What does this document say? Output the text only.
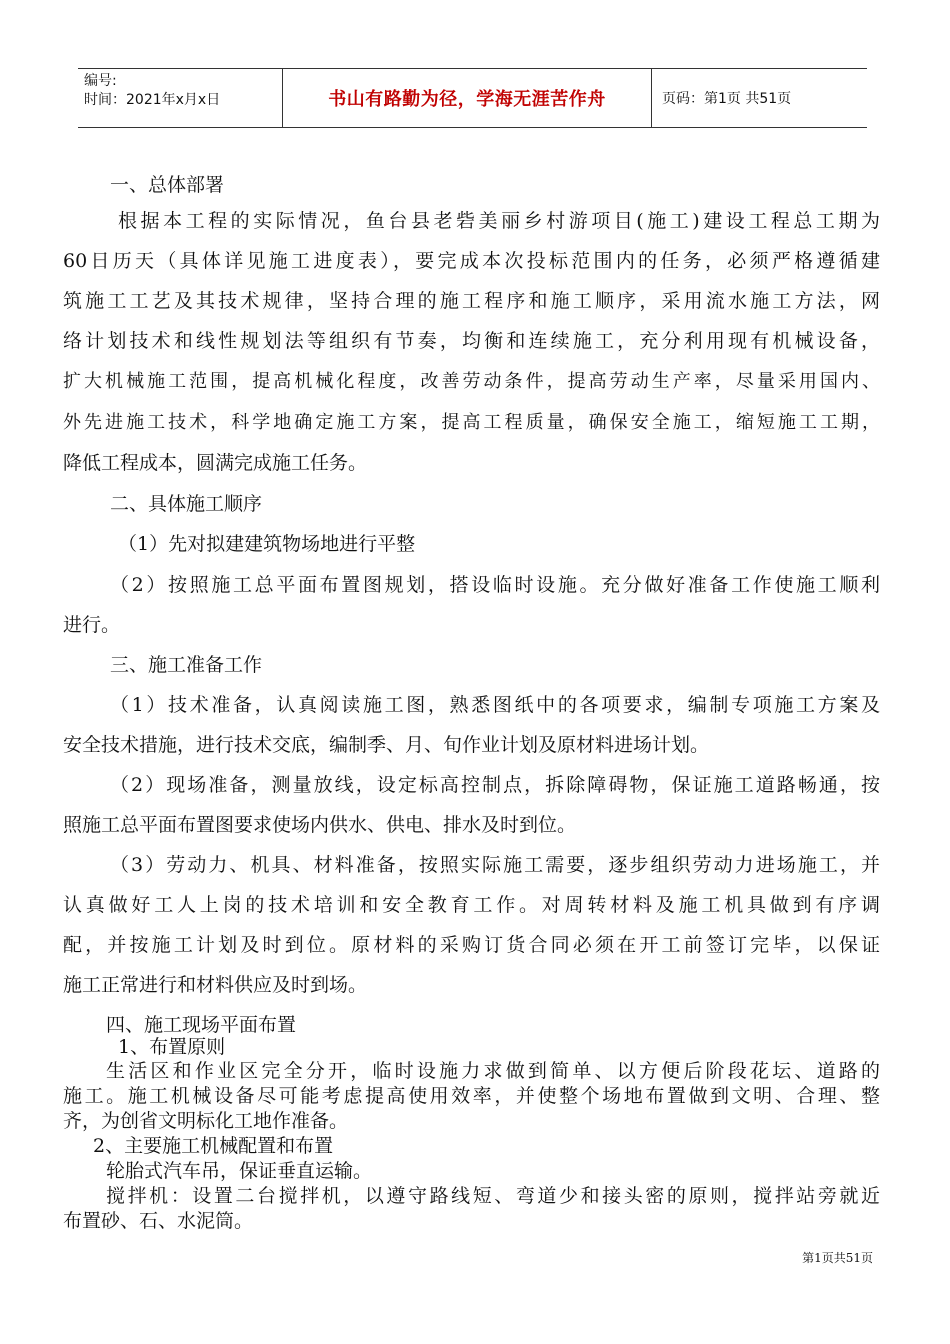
编号:
时间：2021年x月x日	书山有路勤为径，学海无涯苦作舟	页码：第1页 共51页
一、总体部署
根据本工程的实际情况，鱼台县老砦美丽乡村游项目(施工)建设工程总工期为
60日历天（具体详见施工进度表），要完成本次投标范围内的任务，必须严格遵循建
筑施工工艺及其技术规律，坚持合理的施工程序和施工顺序，采用流水施工方法，网
络计划技术和线性规划法等组织有节奏，均衡和连续施工，充分利用现有机械设备，
扩大机械施工范围，提高机械化程度，改善劳动条件，提高劳动生产率，尽量采用国内、
外先进施工技术，科学地确定施工方案，提高工程质量，确保安全施工，缩短施工工期，
降低工程成本，圆满完成施工任务。
二、具体施工顺序
（1）先对拟建建筑物场地进行平整
（2）按照施工总平面布置图规划，搭设临时设施。充分做好准备工作使施工顺利
进行。
三、施工准备工作
（1）技术准备，认真阅读施工图，熟悉图纸中的各项要求，编制专项施工方案及
安全技术措施，进行技术交底，编制季、月、旬作业计划及原材料进场计划。
（2）现场准备，测量放线，设定标高控制点，拆除障碍物，保证施工道路畅通，按
照施工总平面布置图要求使场内供水、供电、排水及时到位。
（3）劳动力、机具、材料准备，按照实际施工需要，逐步组织劳动力进场施工，并
认真做好工人上岗的技术培训和安全教育工作。对周转材料及施工机具做到有序调
配，并按施工计划及时到位。原材料的采购订货合同必须在开工前签订完毕，以保证
施工正常进行和材料供应及时到场。
四、施工现场平面布置
1、布置原则
生活区和作业区完全分开，临时设施力求做到简单、以方便后阶段花坛、道路的
施工。施工机械设备尽可能考虑提高使用效率，并使整个场地布置做到文明、合理、整
齐，为创省文明标化工地作准备。
2、主要施工机械配置和布置
轮胎式汽车吊，保证垂直运输。
搅拌机：设置二台搅拌机，以遵守路线短、弯道少和接头密的原则，搅拌站旁就近
布置砂、石、水泥筒。
第1页共51页
